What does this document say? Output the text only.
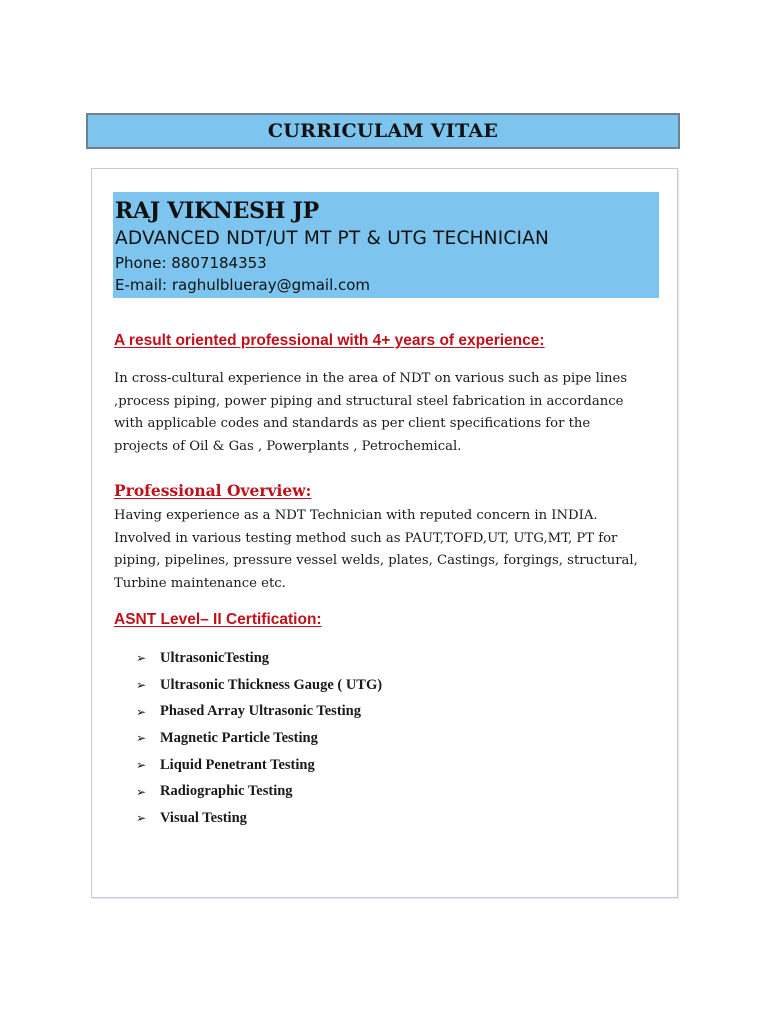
CURRICULAM VITAE
RAJ VIKNESH JP
ADVANCED NDT/UT MT PT & UTG TECHNICIAN
Phone: 8807184353
E-mail: raghulblueray@gmail.com
A result oriented professional with 4+ years of experience:
In cross-cultural experience in the area of NDT on various such as pipe lines
,process piping, power piping and structural steel fabrication in accordance
with applicable codes and standards as per client specifications for the
projects of Oil & Gas , Powerplants , Petrochemical.
Professional Overview:
Having experience as a NDT Technician with reputed concern in INDIA.
Involved in various testing method such as PAUT,TOFD,UT, UTG,MT, PT for
piping, pipelines, pressure vessel welds, plates, Castings, forgings, structural,
Turbine maintenance etc.
ASNT Level– II Certification:
➢ UltrasonicTesting
➢ Ultrasonic Thickness Gauge ( UTG)
➢ Phased Array Ultrasonic Testing
➢ Magnetic Particle Testing
➢ Liquid Penetrant Testing
➢ Radiographic Testing
➢ Visual Testing
